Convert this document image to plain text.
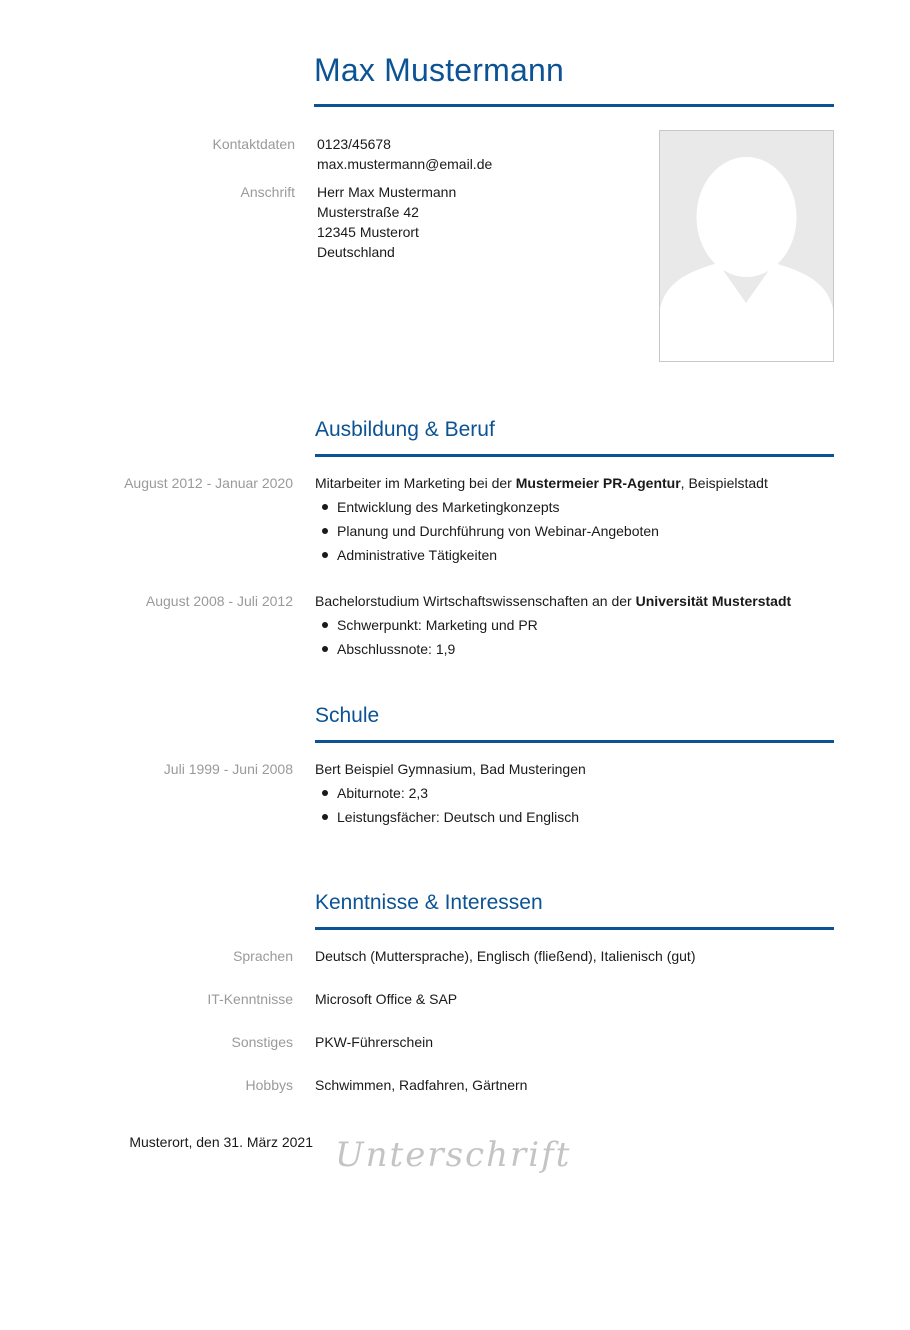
Max Mustermann
Kontaktdaten 0123/45678
max.mustermann@email.de
Anschrift Herr Max Mustermann
Musterstraße 42
12345 Musterort
Deutschland
Ausbildung & Beruf
August 2012 - Januar 2020 Mitarbeiter im Marketing bei der Mustermeier PR-Agentur, Beispielstadt
Entwicklung des Marketingkonzepts
Planung und Durchführung von Webinar-Angeboten
Administrative Tätigkeiten
August 2008 - Juli 2012 Bachelorstudium Wirtschaftswissenschaften an der Universität Musterstadt
Schwerpunkt: Marketing und PR
Abschlussnote: 1,9
Schule
Juli 1999 - Juni 2008 Bert Beispiel Gymnasium, Bad Musteringen
Abiturnote: 2,3
Leistungsfächer: Deutsch und Englisch
Kenntnisse & Interessen
Sprachen Deutsch (Muttersprache), Englisch (fließend), Italienisch (gut)
IT-Kenntnisse Microsoft Office & SAP
Sonstiges PKW-Führerschein
Hobbys Schwimmen, Radfahren, Gärtnern
Musterort, den 31. März 2021 Unterschrift
